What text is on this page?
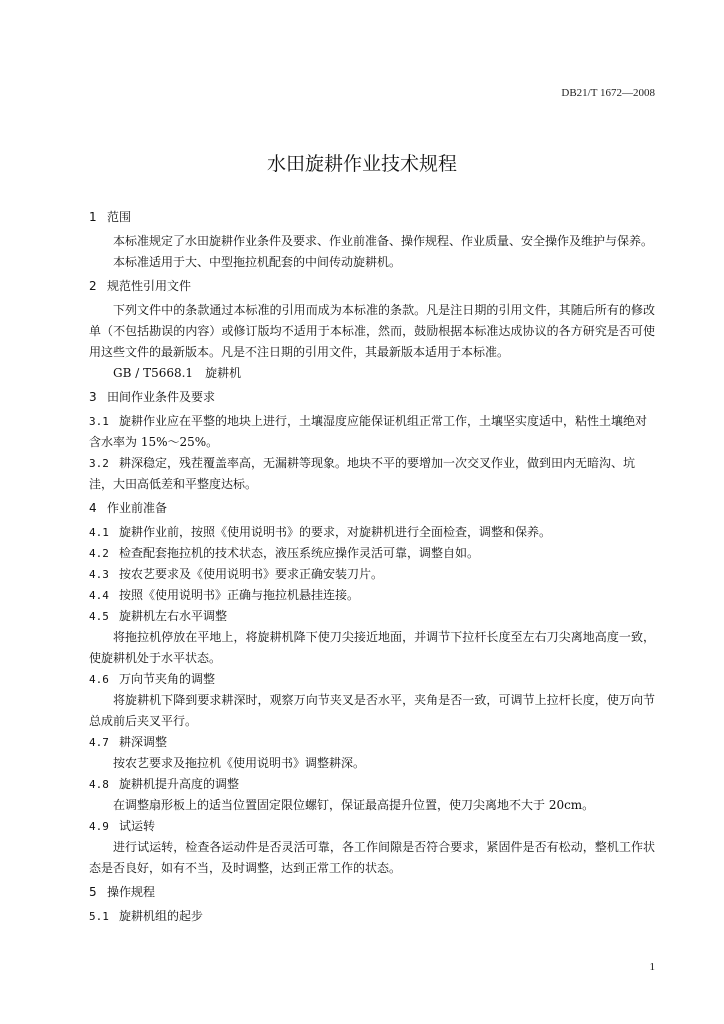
DB21/T 1672—2008
水田旋耕作业技术规程
1 范围
本标准规定了水田旋耕作业条件及要求、作业前准备、操作规程、作业质量、安全操作及维护与保养。
本标准适用于大、中型拖拉机配套的中间传动旋耕机。
2 规范性引用文件
下列文件中的条款通过本标准的引用而成为本标准的条款。凡是注日期的引用文件，其随后所有的修改单（不包括勘误的内容）或修订版均不适用于本标准，然而，鼓励根据本标准达成协议的各方研究是否可使用这些文件的最新版本。凡是不注日期的引用文件，其最新版本适用于本标准。
GB / T5668.1　旋耕机
3 田间作业条件及要求
3.1 旋耕作业应在平整的地块上进行，土壤湿度应能保证机组正常工作，土壤坚实度适中，粘性土壤绝对含水率为 15%～25%。
3.2 耕深稳定，残茬覆盖率高，无漏耕等现象。地块不平的要增加一次交叉作业，做到田内无暗沟、坑洼，大田高低差和平整度达标。
4 作业前准备
4.1 旋耕作业前，按照《使用说明书》的要求，对旋耕机进行全面检查，调整和保养。
4.2 检查配套拖拉机的技术状态，液压系统应操作灵活可靠，调整自如。
4.3 按农艺要求及《使用说明书》要求正确安装刀片。
4.4 按照《使用说明书》正确与拖拉机悬挂连接。
4.5 旋耕机左右水平调整
将拖拉机停放在平地上，将旋耕机降下使刀尖接近地面，并调节下拉杆长度至左右刀尖离地高度一致，使旋耕机处于水平状态。
4.6 万向节夹角的调整
将旋耕机下降到要求耕深时，观察万向节夹叉是否水平，夹角是否一致，可调节上拉杆长度，使万向节总成前后夹叉平行。
4.7 耕深调整
按农艺要求及拖拉机《使用说明书》调整耕深。
4.8 旋耕机提升高度的调整
在调整扇形板上的适当位置固定限位螺钉，保证最高提升位置，使刀尖离地不大于 20cm。
4.9 试运转
进行试运转，检查各运动件是否灵活可靠，各工作间隙是否符合要求，紧固件是否有松动，整机工作状态是否良好，如有不当，及时调整，达到正常工作的状态。
5 操作规程
5.1 旋耕机组的起步
1
